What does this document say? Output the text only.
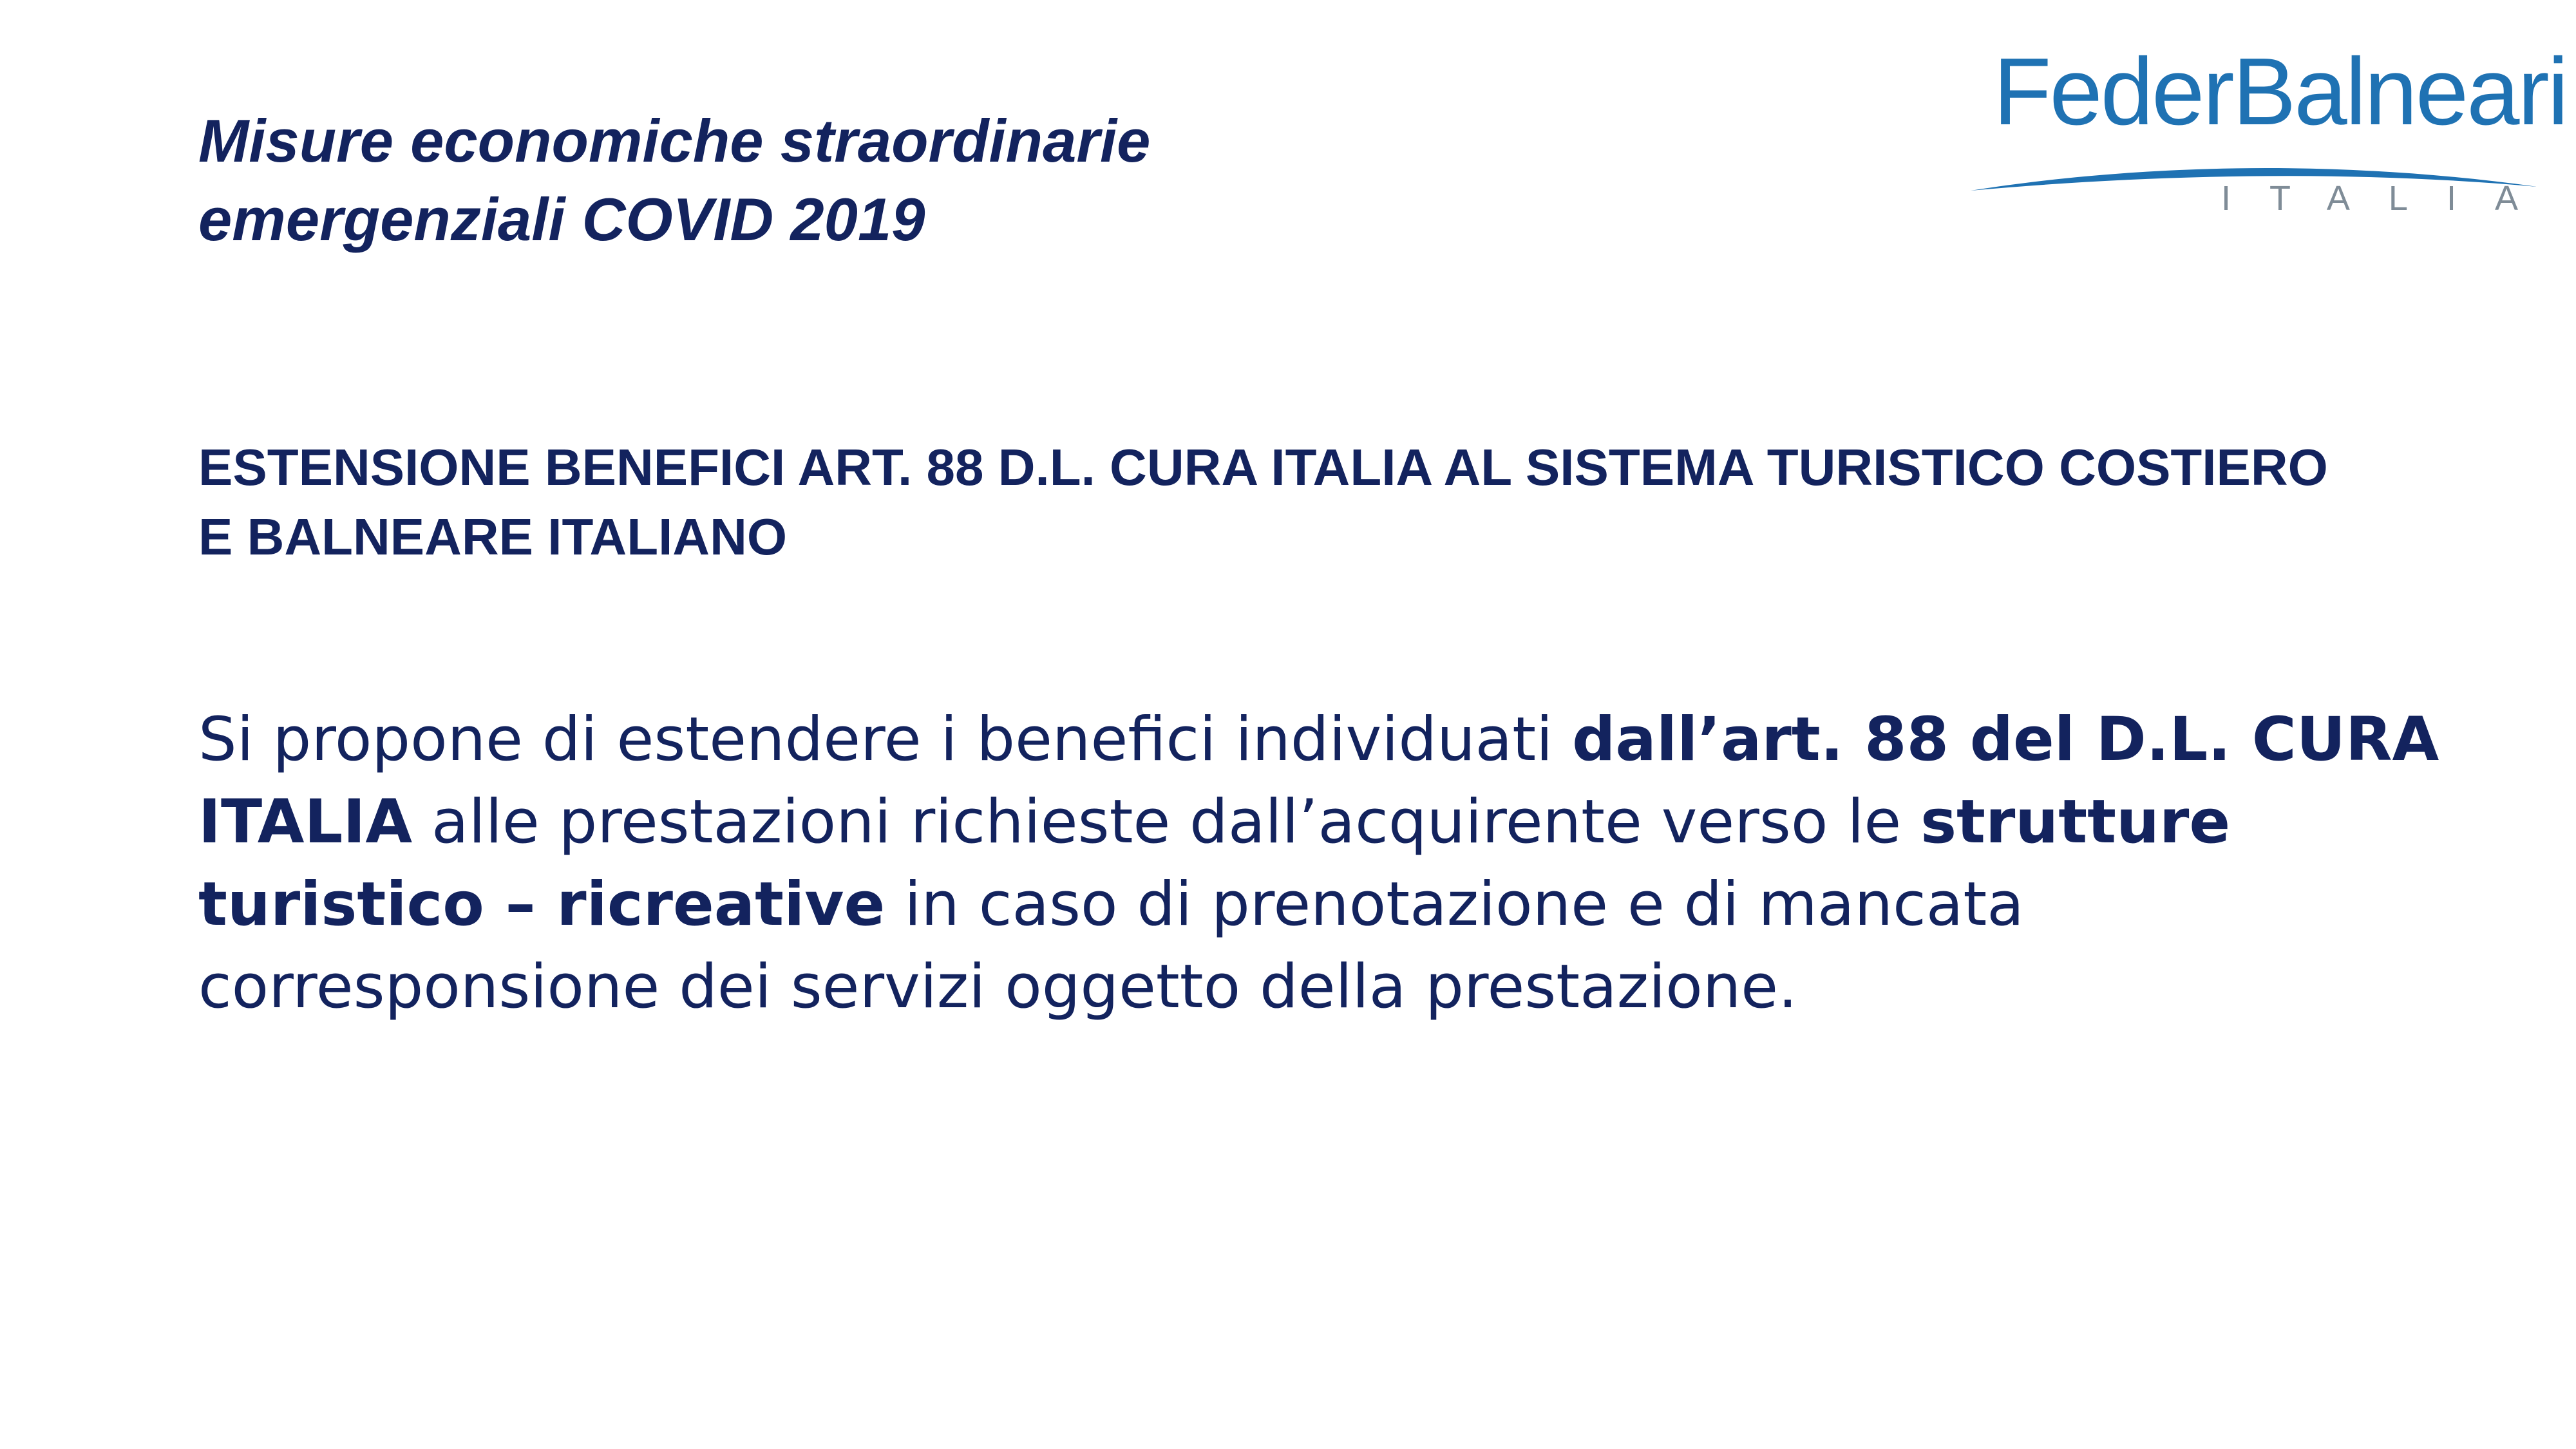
Misure economiche straordinarie
emergenziali COVID 2019
FederBalneari
ITALIA
ESTENSIONE BENEFICI ART. 88 D.L. CURA ITALIA AL SISTEMA TURISTICO COSTIERO
E BALNEARE ITALIANO

Si propone di estendere i benefici individuati dall’art. 88 del D.L. CURA
ITALIA alle prestazioni richieste dall’acquirente verso le strutture
turistico – ricreative in caso di prenotazione e di mancata
corresponsione dei servizi oggetto della prestazione.
